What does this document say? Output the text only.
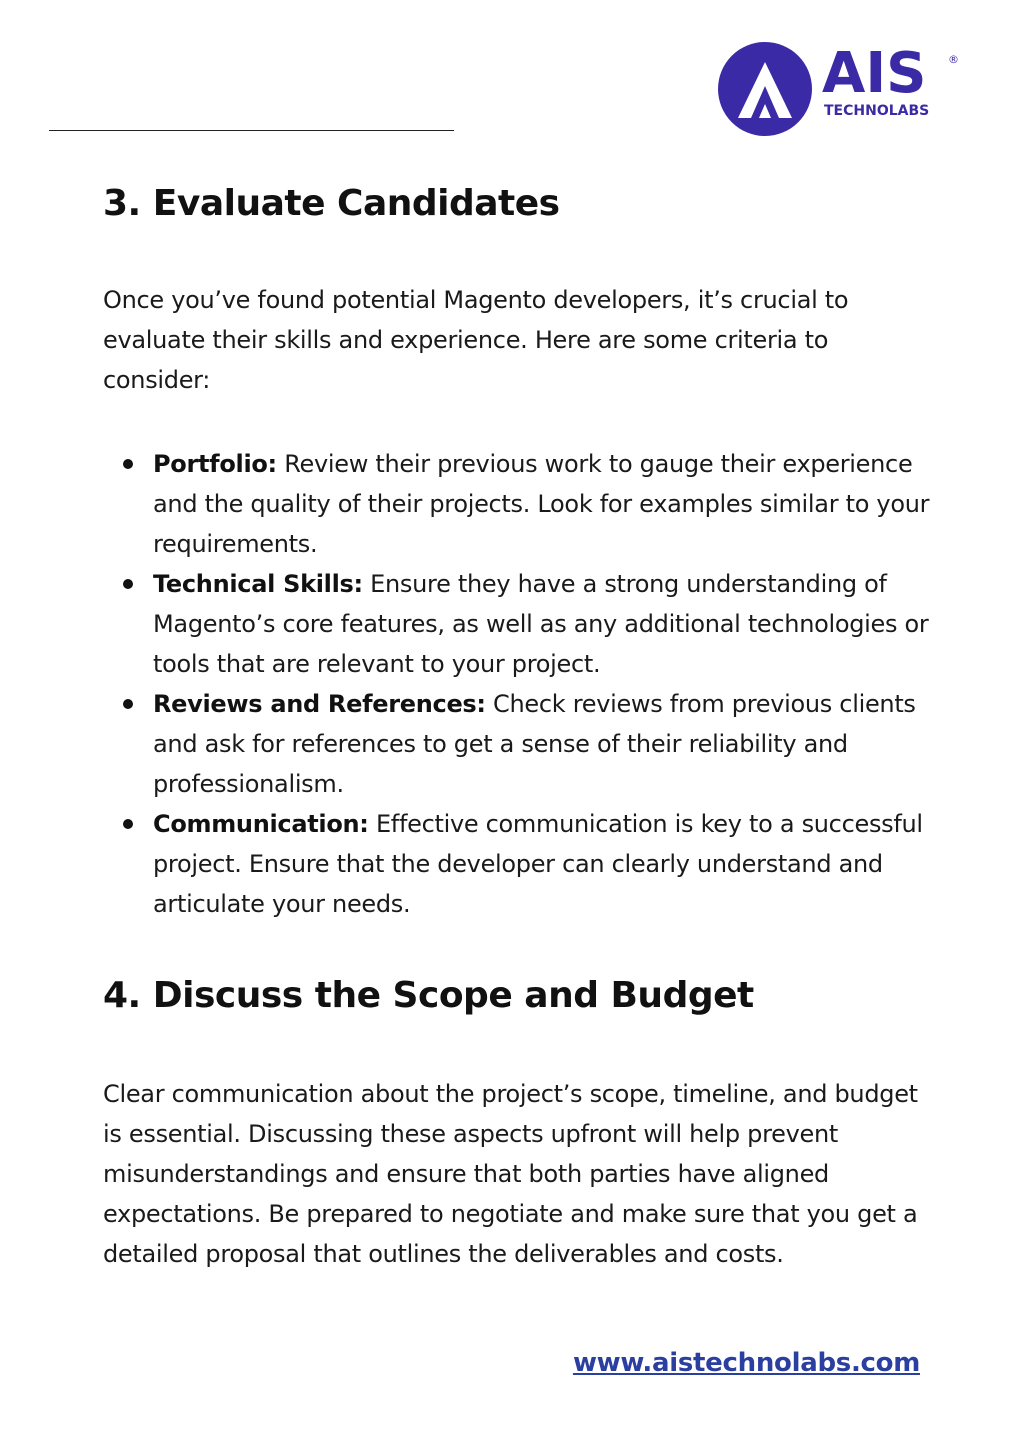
AIS ®
TECHNOLABS
3. Evaluate Candidates

Once you’ve found potential Magento developers, it’s crucial to evaluate their skills and experience. Here are some criteria to consider:

Portfolio: Review their previous work to gauge their experience and the quality of their projects. Look for examples similar to your requirements.
Technical Skills: Ensure they have a strong understanding of Magento’s core features, as well as any additional technologies or tools that are relevant to your project.
Reviews and References: Check reviews from previous clients and ask for references to get a sense of their reliability and professionalism.
Communication: Effective communication is key to a successful project. Ensure that the developer can clearly understand and articulate your needs.
4. Discuss the Scope and Budget

Clear communication about the project’s scope, timeline, and budget is essential. Discussing these aspects upfront will help prevent misunderstandings and ensure that both parties have aligned expectations. Be prepared to negotiate and make sure that you get a detailed proposal that outlines the deliverables and costs.

www.aistechnolabs.com
